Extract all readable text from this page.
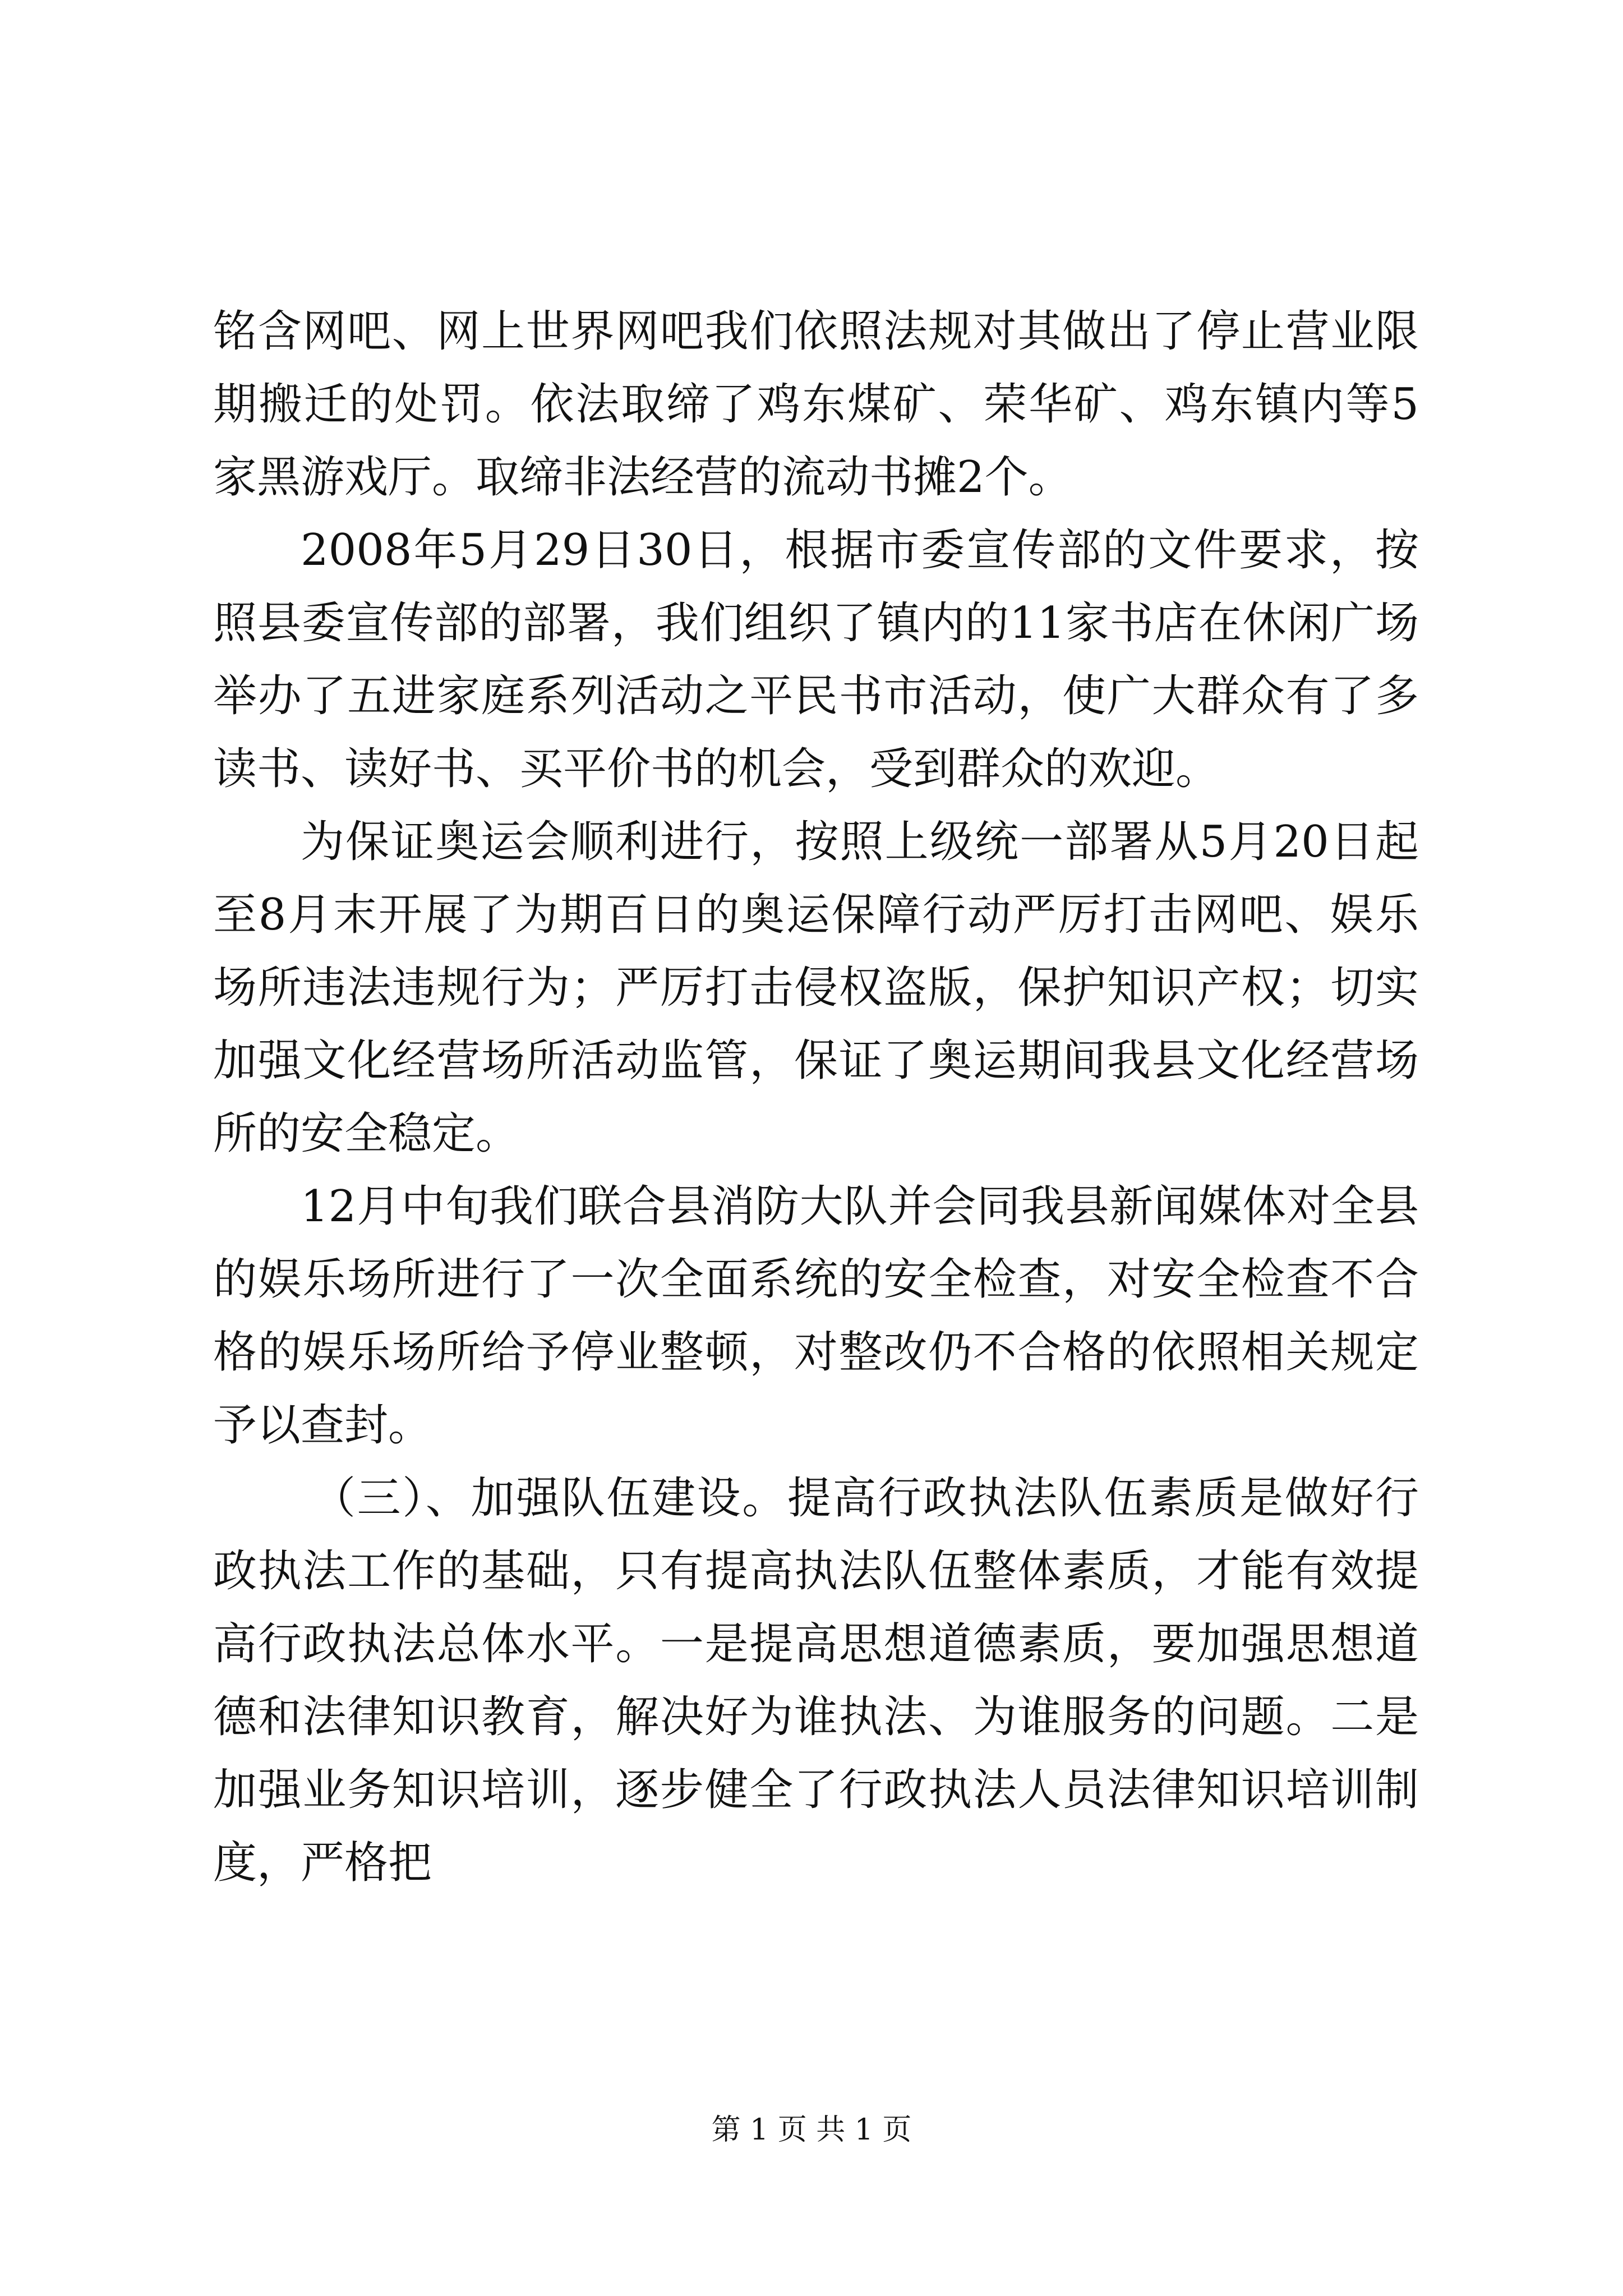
铭含网吧、网上世界网吧我们依照法规对其做出了停止营业限期搬迁的处罚。依法取缔了鸡东煤矿、荣华矿、鸡东镇内等5家黑游戏厅。取缔非法经营的流动书摊2个。

2008年5月29日30日，根据市委宣传部的文件要求，按照县委宣传部的部署，我们组织了镇内的11家书店在休闲广场举办了五进家庭系列活动之平民书市活动，使广大群众有了多读书、读好书、买平价书的机会，受到群众的欢迎。

为保证奥运会顺利进行，按照上级统一部署从5月20日起至8月末开展了为期百日的奥运保障行动严厉打击网吧、娱乐场所违法违规行为；严厉打击侵权盗版，保护知识产权；切实加强文化经营场所活动监管，保证了奥运期间我县文化经营场所的安全稳定。

12月中旬我们联合县消防大队并会同我县新闻媒体对全县的娱乐场所进行了一次全面系统的安全检查，对安全检查不合格的娱乐场所给予停业整顿，对整改仍不合格的依照相关规定予以查封。

（三）、加强队伍建设。提高行政执法队伍素质是做好行政执法工作的基础，只有提高执法队伍整体素质，才能有效提高行政执法总体水平。一是提高思想道德素质，要加强思想道德和法律知识教育，解决好为谁执法、为谁服务的问题。二是加强业务知识培训，逐步健全了行政执法人员法律知识培训制度，严格把

第 1 页 共 1 页
